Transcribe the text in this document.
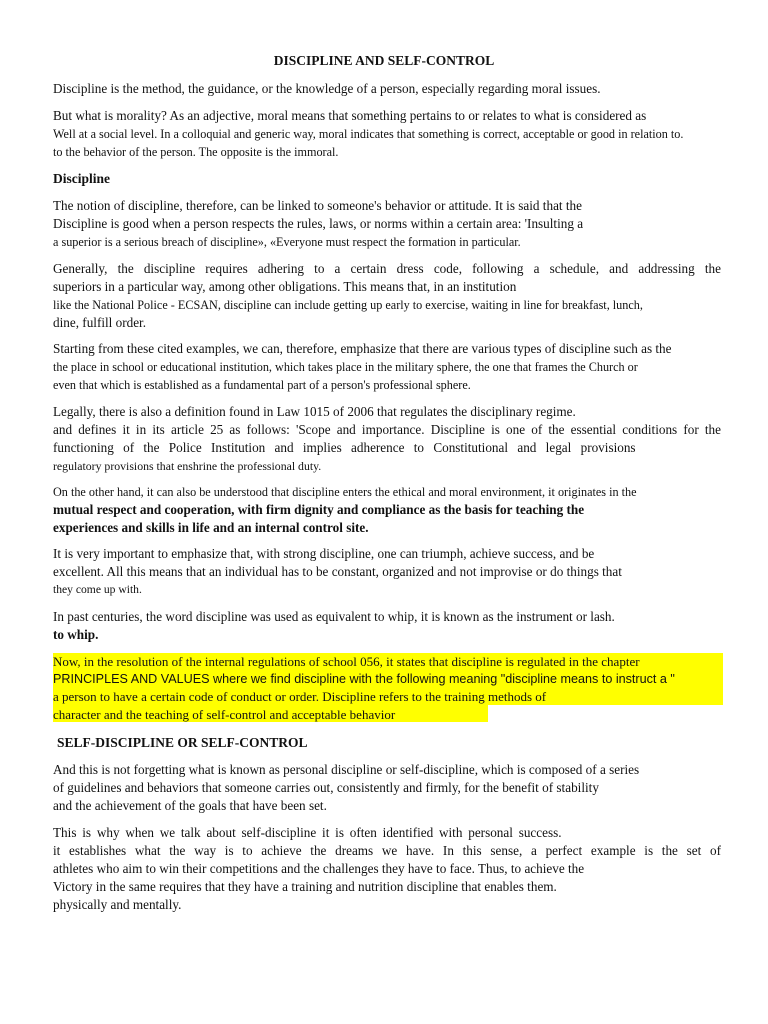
DISCIPLINE AND SELF-CONTROL
Discipline is the method, the guidance, or the knowledge of a person, especially regarding moral issues.
But what is morality? As an adjective, moral means that something pertains to or relates to what is considered as
Well at a social level. In a colloquial and generic way, moral indicates that something is correct, acceptable or good in relation to.
to the behavior of the person. The opposite is the immoral.
Discipline
The notion of discipline, therefore, can be linked to someone's behavior or attitude. It is said that the
Discipline is good when a person respects the rules, laws, or norms within a certain area: 'Insulting a
a superior is a serious breach of discipline», «Everyone must respect the formation in particular.
Generally, the discipline requires adhering to a certain dress code, following a schedule, and addressing the
superiors in a particular way, among other obligations. This means that, in an institution
like the National Police - ECSAN, discipline can include getting up early to exercise, waiting in line for breakfast, lunch,
dine, fulfill order.
Starting from these cited examples, we can, therefore, emphasize that there are various types of discipline such as the
the place in school or educational institution, which takes place in the military sphere, the one that frames the Church or
even that which is established as a fundamental part of a person's professional sphere.
Legally, there is also a definition found in Law 1015 of 2006 that regulates the disciplinary regime.
and defines it in its article 25 as follows: 'Scope and importance. Discipline is one of the essential conditions for the
functioning of the Police Institution and implies adherence to Constitutional and legal provisions
regulatory provisions that enshrine the professional duty.
On the other hand, it can also be understood that discipline enters the ethical and moral environment, it originates in the
mutual respect and cooperation, with firm dignity and compliance as the basis for teaching the
experiences and skills in life and an internal control site.
It is very important to emphasize that, with strong discipline, one can triumph, achieve success, and be
excellent. All this means that an individual has to be constant, organized and not improvise or do things that
they come up with.
In past centuries, the word discipline was used as equivalent to whip, it is known as the instrument or lash.
to whip.
Now, in the resolution of the internal regulations of school 056, it states that discipline is regulated in the chapter
PRINCIPLES AND VALUES where we find discipline with the following meaning "discipline means to instruct a "
a person to have a certain code of conduct or order. Discipline refers to the training methods of
character and the teaching of self-control and acceptable behavior
SELF-DISCIPLINE OR SELF-CONTROL
And this is not forgetting what is known as personal discipline or self-discipline, which is composed of a series
of guidelines and behaviors that someone carries out, consistently and firmly, for the benefit of stability
and the achievement of the goals that have been set.
This is why when we talk about self-discipline it is often identified with personal success.
it establishes what the way is to achieve the dreams we have. In this sense, a perfect example is the set of
athletes who aim to win their competitions and the challenges they have to face. Thus, to achieve the
Victory in the same requires that they have a training and nutrition discipline that enables them.
physically and mentally.
